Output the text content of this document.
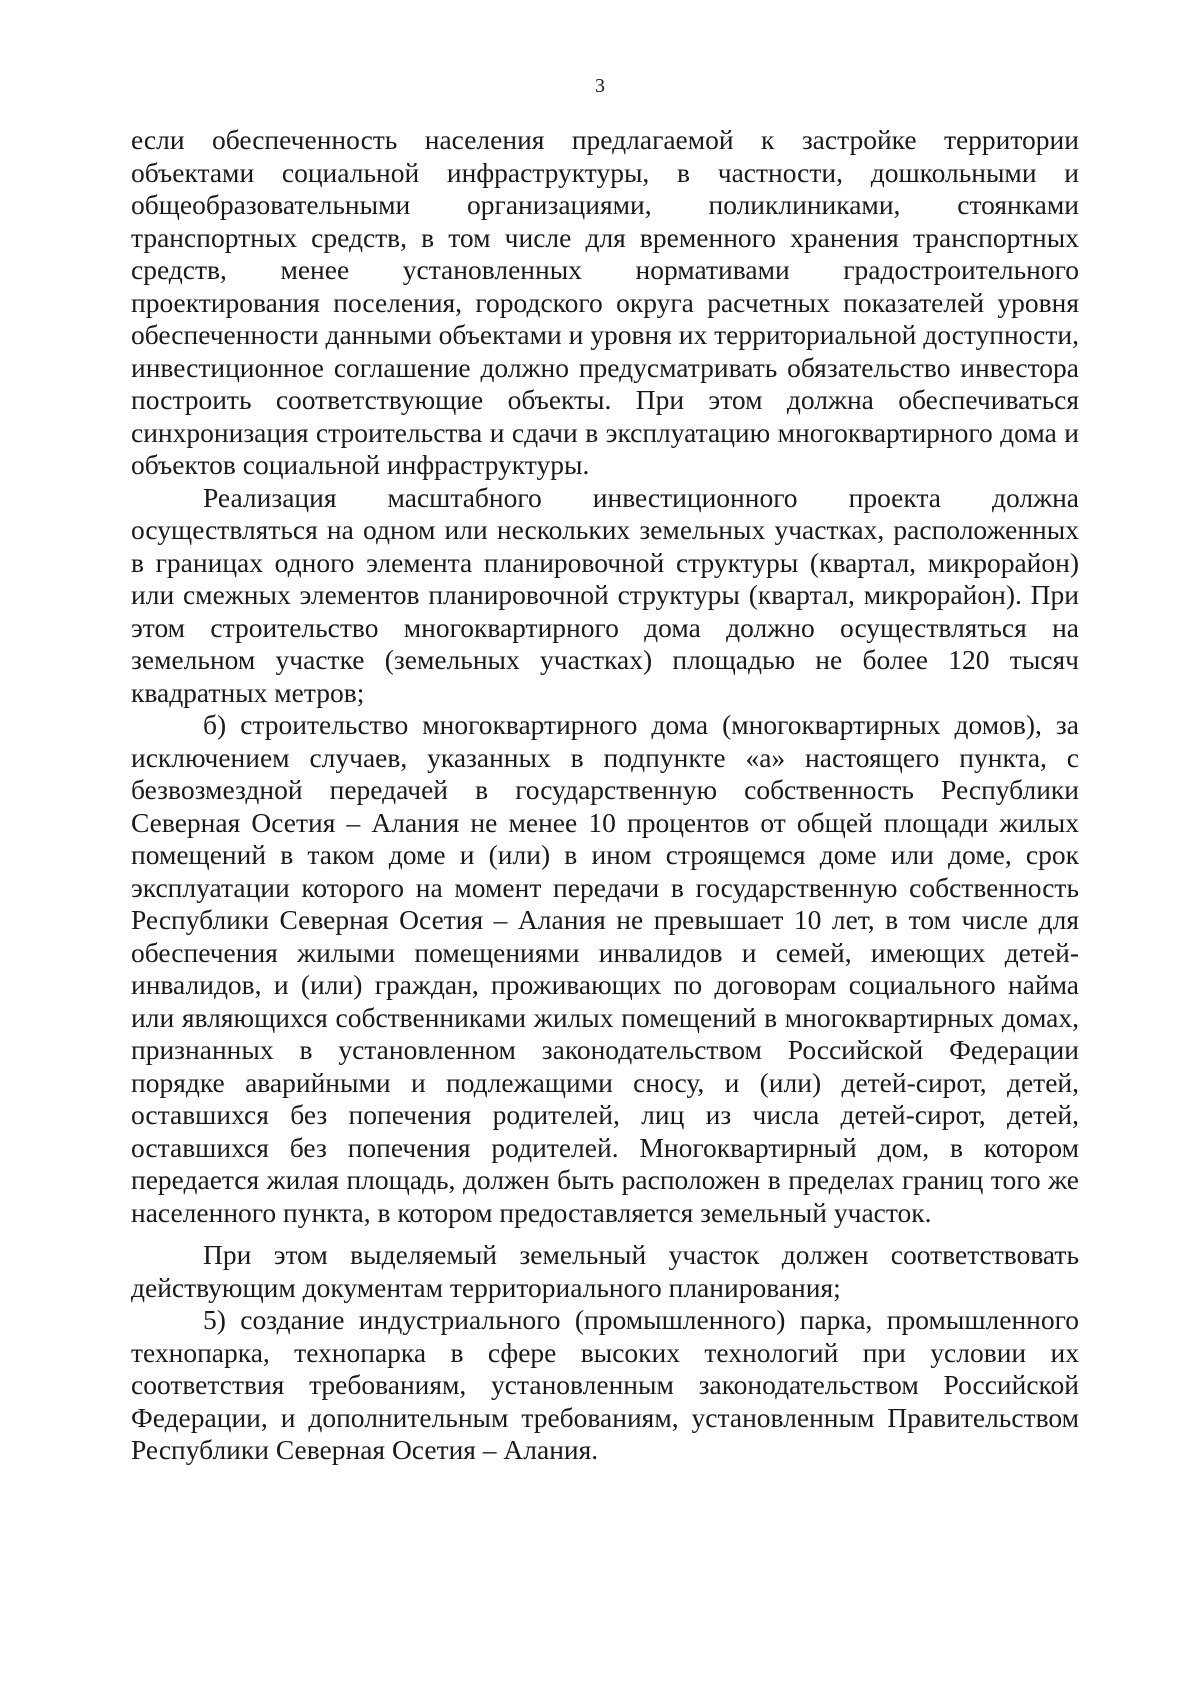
3

если обеспеченность населения предлагаемой к застройке территории объектами социальной инфраструктуры, в частности, дошкольными и общеобразовательными организациями, поликлиниками, стоянками транспортных средств, в том числе для временного хранения транспортных средств, менее установленных нормативами градостроительного проектирования поселения, городского округа расчетных показателей уровня обеспеченности данными объектами и уровня их территориальной доступности, инвестиционное соглашение должно предусматривать обязательство инвестора построить соответствующие объекты. При этом должна обеспечиваться синхронизация строительства и сдачи в эксплуатацию многоквартирного дома и объектов социальной инфраструктуры.

Реализация масштабного инвестиционного проекта должна осуществляться на одном или нескольких земельных участках, расположенных в границах одного элемента планировочной структуры (квартал, микрорайон) или смежных элементов планировочной структуры (квартал, микрорайон). При этом строительство многоквартирного дома должно осуществляться на земельном участке (земельных участках) площадью не более 120 тысяч квадратных метров;

б) строительство многоквартирного дома (многоквартирных домов), за исключением случаев, указанных в подпункте «а» настоящего пункта, с безвозмездной передачей в государственную собственность Республики Северная Осетия – Алания не менее 10 процентов от общей площади жилых помещений в таком доме и (или) в ином строящемся доме или доме, срок эксплуатации которого на момент передачи в государственную собственность Республики Северная Осетия – Алания не превышает 10 лет, в том числе для обеспечения жилыми помещениями инвалидов и семей, имеющих детей-инвалидов, и (или) граждан, проживающих по договорам социального найма или являющихся собственниками жилых помещений в многоквартирных домах, признанных в установленном законодательством Российской Федерации порядке аварийными и подлежащими сносу, и (или) детей-сирот, детей, оставшихся без попечения родителей, лиц из числа детей-сирот, детей, оставшихся без попечения родителей. Многоквартирный дом, в котором передается жилая площадь, должен быть расположен в пределах границ того же населенного пункта, в котором предоставляется земельный участок.

При этом выделяемый земельный участок должен соответствовать действующим документам территориального планирования;

5) создание индустриального (промышленного) парка, промышленного технопарка, технопарка в сфере высоких технологий при условии их соответствия требованиям, установленным законодательством Российской Федерации, и дополнительным требованиям, установленным Правительством Республики Северная Осетия – Алания.
